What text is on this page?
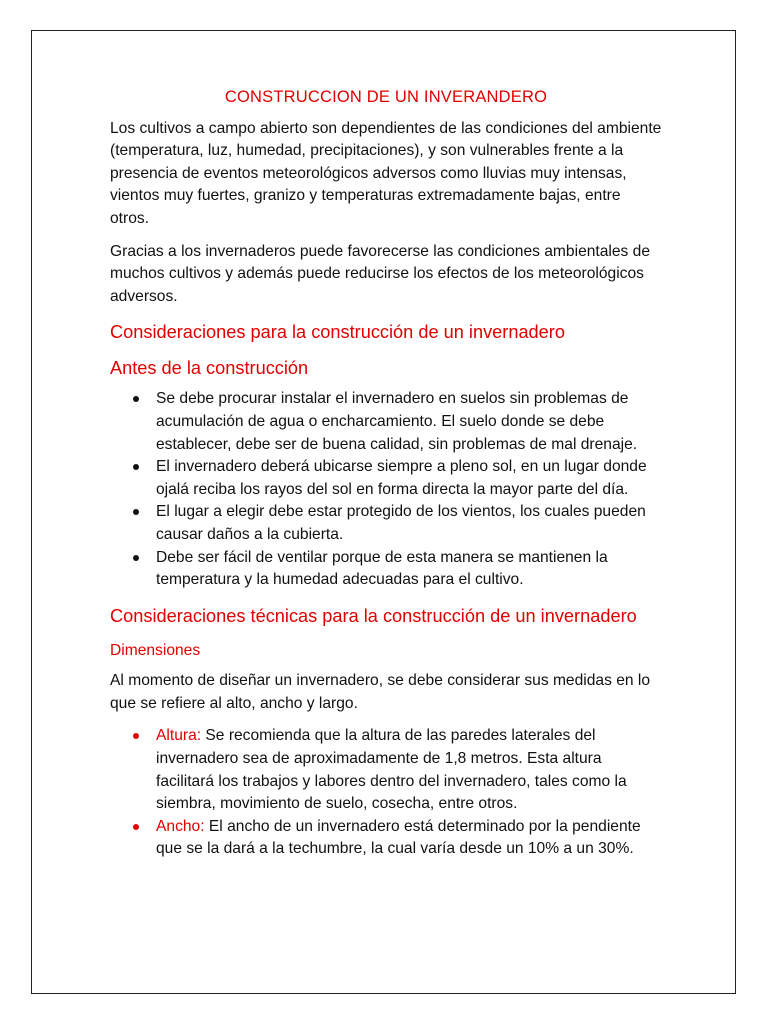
CONSTRUCCION DE UN INVERANDERO

Los cultivos a campo abierto son dependientes de las condiciones del ambiente (temperatura, luz, humedad, precipitaciones), y son vulnerables frente a la presencia de eventos meteorológicos adversos como lluvias muy intensas, vientos muy fuertes, granizo y temperaturas extremadamente bajas, entre otros.

Gracias a los invernaderos puede favorecerse las condiciones ambientales de muchos cultivos y además puede reducirse los efectos de los meteorológicos adversos.

Consideraciones para la construcción de un invernadero
Antes de la construcción
Se debe procurar instalar el invernadero en suelos sin problemas de acumulación de agua o encharcamiento. El suelo donde se debe establecer, debe ser de buena calidad, sin problemas de mal drenaje.
El invernadero deberá ubicarse siempre a pleno sol, en un lugar donde ojalá reciba los rayos del sol en forma directa la mayor parte del día.
El lugar a elegir debe estar protegido de los vientos, los cuales pueden causar daños a la cubierta.
Debe ser fácil de ventilar porque de esta manera se mantienen la temperatura y la humedad adecuadas para el cultivo.
Consideraciones técnicas para la construcción de un invernadero
Dimensiones

Al momento de diseñar un invernadero, se debe considerar sus medidas en lo que se refiere al alto, ancho y largo.

Altura: Se recomienda que la altura de las paredes laterales del invernadero sea de aproximadamente de 1,8 metros. Esta altura facilitará los trabajos y labores dentro del invernadero, tales como la siembra, movimiento de suelo, cosecha, entre otros.
Ancho: El ancho de un invernadero está determinado por la pendiente que se la dará a la techumbre, la cual varía desde un 10% a un 30%.
